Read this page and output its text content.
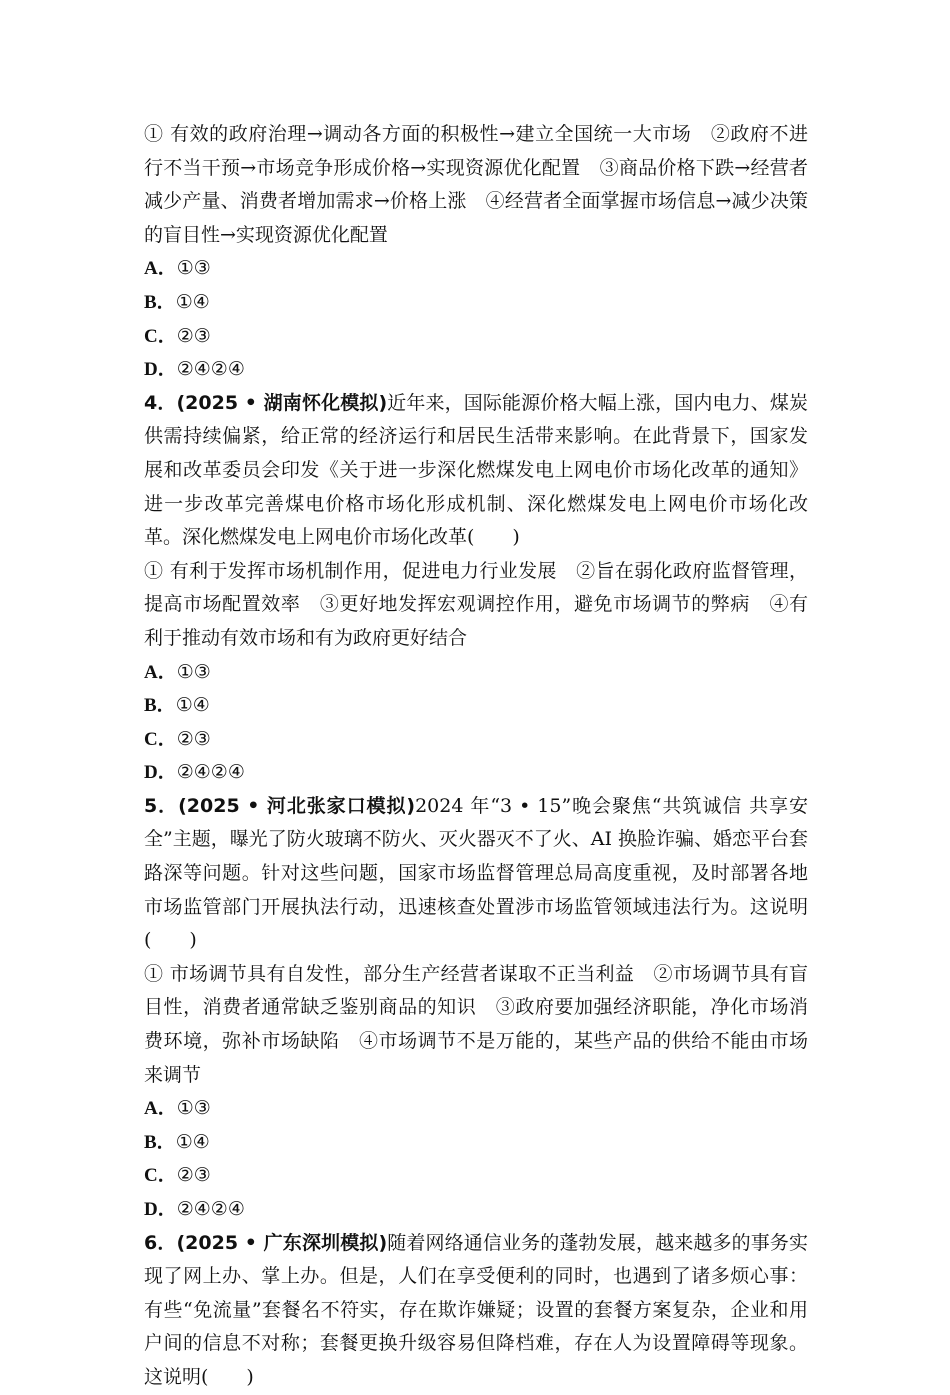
① 有效的政府治理→调动各方面的积极性→建立全国统一大市场　②政府不进行不当干预→市场竞争形成价格→实现资源优化配置　③商品价格下跌→经营者减少产量、消费者增加需求→价格上涨　④经营者全面掌握市场信息→减少决策的盲目性→实现资源优化配置

A．①③
B．①④
C．②③
D．②④②④

4．(2025 • 湖南怀化模拟)近年来，国际能源价格大幅上涨，国内电力、煤炭供需持续偏紧，给正常的经济运行和居民生活带来影响。在此背景下，国家发展和改革委员会印发《关于进一步深化燃煤发电上网电价市场化改革的通知》进一步改革完善煤电价格市场化形成机制、深化燃煤发电上网电价市场化改革。深化燃煤发电上网电价市场化改革(　　)

① 有利于发挥市场机制作用，促进电力行业发展　②旨在弱化政府监督管理，提高市场配置效率　③更好地发挥宏观调控作用，避免市场调节的弊病　④有利于推动有效市场和有为政府更好结合

A．①③
B．①④
C．②③
D．②④②④

5．(2025 • 河北张家口模拟)2024 年“3 • 15”晚会聚焦“共筑诚信 共享安全”主题，曝光了防火玻璃不防火、灭火器灭不了火、AI 换脸诈骗、婚恋平台套路深等问题。针对这些问题，国家市场监督管理总局高度重视，及时部署各地市场监管部门开展执法行动，迅速核查处置涉市场监管领域违法行为。这说明(　　)

① 市场调节具有自发性，部分生产经营者谋取不正当利益　②市场调节具有盲目性，消费者通常缺乏鉴别商品的知识　③政府要加强经济职能，净化市场消费环境，弥补市场缺陷　④市场调节不是万能的，某些产品的供给不能由市场来调节

A．①③
B．①④
C．②③
D．②④②④

6．(2025 • 广东深圳模拟)随着网络通信业务的蓬勃发展，越来越多的事务实现了网上办、掌上办。但是，人们在享受便利的同时，也遇到了诸多烦心事：有些“免流量”套餐名不符实，存在欺诈嫌疑；设置的套餐方案复杂，企业和用户间的信息不对称；套餐更换升级容易但降档难，存在人为设置障碍等现象。这说明(　　)
